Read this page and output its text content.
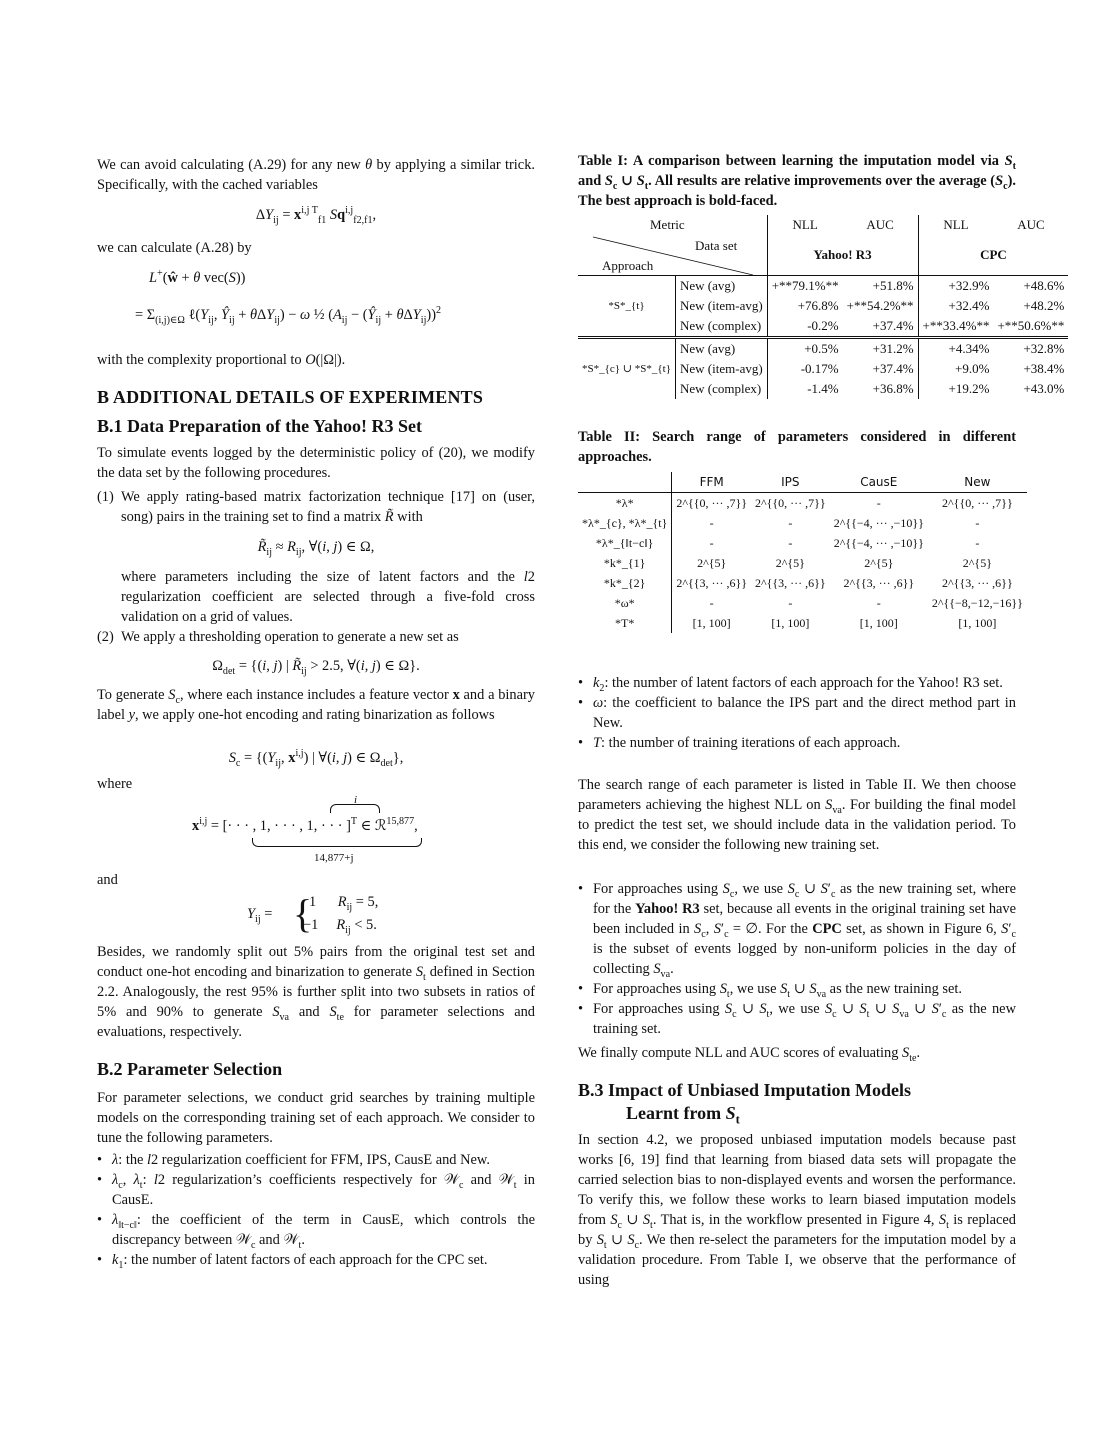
We can avoid calculating (A.29) for any new θ by applying a similar trick. Specifically, with the cached variables
$\Delta Y_{ij} = x^{i,j T}_{f1}$ Sq$^{i,j}_{f2,f1}$,
we can calculate (A.28) by
L+(ŵ + θ vec(S))
= $\Sigma_{(i,j)\in\Omega}$ $\ell(Y_{ij}$, $Ŷ_{ij} + \theta\Delta Y_{ij}) - \omega$ ½ ($A_{ij}$ − $(Ŷ_{ij} + \theta\Delta Y_{ij}))^2$
with the complexity proportional to O(|Ω|).
B ADDITIONAL DETAILS OF EXPERIMENTS
B.1 Data Preparation of the Yahoo! R3 Set
To simulate events logged by the deterministic policy of (20), we modify the data set by the following procedures.
(1) We apply rating-based matrix factorization technique [17] on (user, song) pairs in the training set to find a matrix R̃ with
$R̃_{ij} \approx R_{ij}$, ∀(i, j) ∈ Ω,
where parameters including the size of latent factors and the l2 regularization coefficient are selected through a five-fold cross validation on a grid of values.
(2) We apply a thresholding operation to generate a new set as
$\Omega_{det} = \{(i$, j) | $R̃_{ij} > 2.5$, ∀(i, j) ∈ Ω}.
To generate $S_c$, where each instance includes a feature vector x and a binary label y, we apply one-hot encoding and rating binarization as follows
$S_c = \{(Y_{ij}$, $x^{i,j}$) | ∀(i, j) ∈ $\Omega_{det}$},
where
i
$x^{i,j}$ = [· · · , 1, · · · , 1, · · · ]$^T$ ∈ ℛ$^{15,877}$,
14,877+j
and
$Y_{ij}$ = {
1      $R_{ij} = 5$,
−1     $R_{ij} < 5$.
Besides, we randomly split out 5% pairs from the original test set and conduct one-hot encoding and binarization to generate $S_t$ defined in Section 2.2. Analogously, the rest 95% is further split into two subsets in ratios of 5% and 90% to generate $S_{va}$ and $S_{te}$ for parameter selections and evaluations, respectively.
B.2 Parameter Selection
For parameter selections, we conduct grid searches by training multiple models on the corresponding training set of each approach. We consider to tune the following parameters.
• λ: the l2 regularization coefficient for FFM, IPS, CausE and New.
• $\lambda_c$, $\lambda_t$: l2 regularization’s coefficients respectively for 𝒲$_c$ and 𝒲$_t$ in CausE.
• $\lambda_{‖t-c‖}$: the coefficient of the term in CausE, which controls the discrepancy between 𝒲$_c$ and 𝒲$_t$.
• $k_1$: the number of latent factors of each approach for the CPC set.
Table I: A comparison between learning the imputation model via $S_t$ and $S_c$ ∪ $S_t$. All results are relative improvements over the average $(S_c)$. The best approach is bold-faced.
Metric
Data set
Approach		NLL	AUC	NLL	AUC
		Yahoo! R3		CPC	
*S*_{t}	New (avg)	+**79.1%**	+51.8%	+32.9%	+48.6%
	New (item-avg)	+76.8%	+**54.2%**	+32.4%	+48.2%
	New (complex)	-0.2%	+37.4%	+**33.4%**	+**50.6%**
*S*_{c} ∪ *S*_{t}	New (avg)	+0.5%	+31.2%	+4.34%	+32.8%
	New (item-avg)	-0.17%	+37.4%	+9.0%	+38.4%
	New (complex)	-1.4%	+36.8%	+19.2%	+43.0%
Table II: Search range of parameters considered in different approaches.
	FFM	IPS	CausE	New
*λ*	2^{{0, ··· ,7}}	2^{{0, ··· ,7}}	-	2^{{0, ··· ,7}}
*λ*_{c}, *λ*_{t}	-	-	2^{{−4, ··· ,−10}}	-
*λ*_{‖t−c‖}	-	-	2^{{−4, ··· ,−10}}	-
*k*_{1}	2^{5}	2^{5}	2^{5}	2^{5}
*k*_{2}	2^{{3, ··· ,6}}	2^{{3, ··· ,6}}	2^{{3, ··· ,6}}	2^{{3, ··· ,6}}
*ω*	-	-	-	2^{{−8,−12,−16}}
*T*	[1, 100]	[1, 100]	[1, 100]	[1, 100]
• $k_2$: the number of latent factors of each approach for the Yahoo! R3 set.
• ω: the coefficient to balance the IPS part and the direct method part in New.
• T: the number of training iterations of each approach.
The search range of each parameter is listed in Table II. We then choose parameters achieving the highest NLL on $S_{va}$. For building the final model to predict the test set, we should include data in the validation period. To this end, we consider the following new training set.
• For approaches using $S_c$, we use $S_c$ ∪ $S'_c$ as the new training set, where for the Yahoo! R3 set, because all events in the original training set have been included in $S_c$, $S'_c$ = ∅. For the CPC set, as shown in Figure 6, $S'_c$ is the subset of events logged by non-uniform policies in the day of collecting $S_{va}$.
• For approaches using $S_t$, we use $S_t$ ∪ $S_{va}$ as the new training set.
• For approaches using $S_c$ ∪ $S_t$, we use $S_c$ ∪ $S_t$ ∪ $S_{va}$ ∪ $S'_c$ as the new training set.
We finally compute NLL and AUC scores of evaluating $S_{te}$.
B.3 Impact of Unbiased Imputation Models
Learnt from $S_t$
In section 4.2, we proposed unbiased imputation models because past works [6, 19] find that learning from biased data sets will propagate the carried selection bias to non-displayed events and worsen the performance. To verify this, we follow these works to learn biased imputation models from $S_c$ ∪ $S_t$. That is, in the workflow presented in Figure 4, $S_t$ is replaced by $S_t$ ∪ $S_c$. We then re-select the parameters for the imputation model by a validation procedure. From Table I, we observe that the performance of using
